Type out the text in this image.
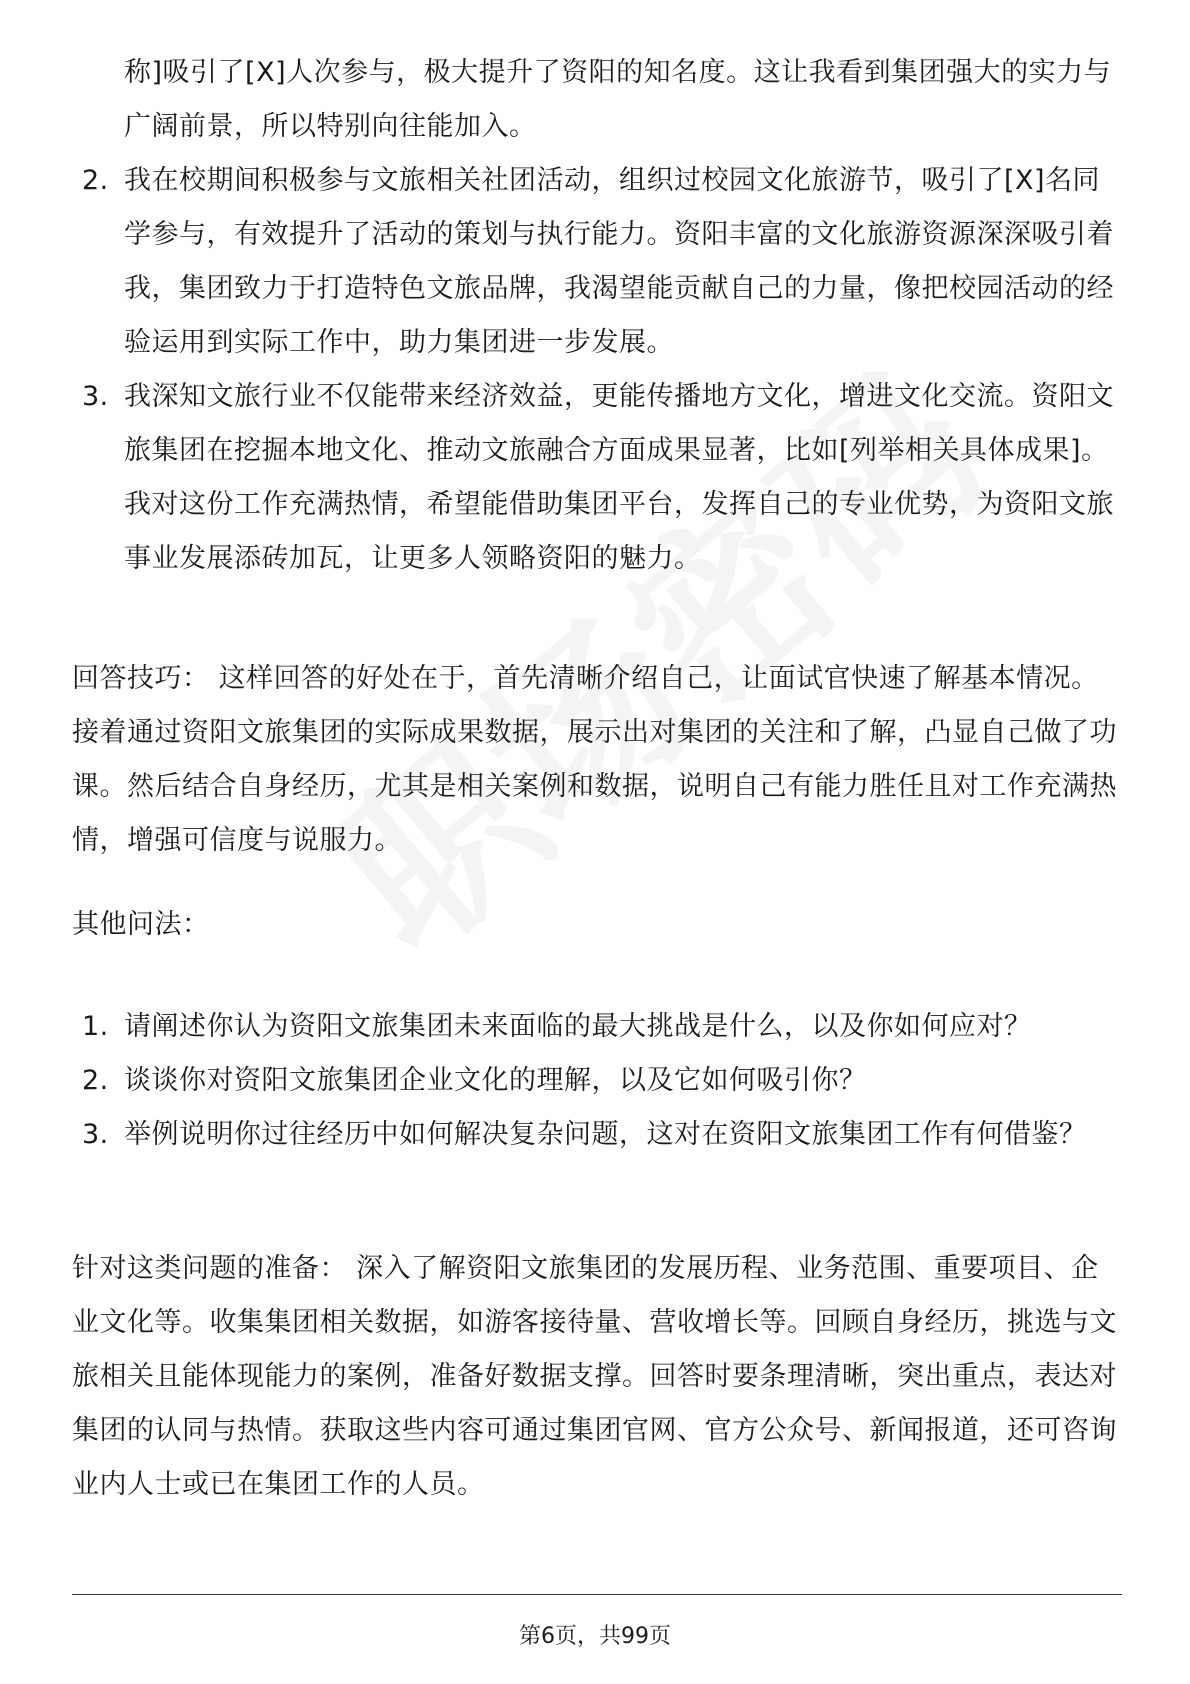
称]吸引了[X]人次参与，极大提升了资阳的知名度。这让我看到集团强大的实力与广阔前景，所以特别向往能加入。
2. 我在校期间积极参与文旅相关社团活动，组织过校园文化旅游节，吸引了[X]名同学参与，有效提升了活动的策划与执行能力。资阳丰富的文化旅游资源深深吸引着我，集团致力于打造特色文旅品牌，我渴望能贡献自己的力量，像把校园活动的经验运用到实际工作中，助力集团进一步发展。
3. 我深知文旅行业不仅能带来经济效益，更能传播地方文化，增进文化交流。资阳文旅集团在挖掘本地文化、推动文旅融合方面成果显著，比如[列举相关具体成果]。我对这份工作充满热情，希望能借助集团平台，发挥自己的专业优势，为资阳文旅事业发展添砖加瓦，让更多人领略资阳的魅力。
回答技巧： 这样回答的好处在于，首先清晰介绍自己，让面试官快速了解基本情况。接着通过资阳文旅集团的实际成果数据，展示出对集团的关注和了解，凸显自己做了功课。然后结合自身经历，尤其是相关案例和数据，说明自己有能力胜任且对工作充满热情，增强可信度与说服力。
其他问法：
1. 请阐述你认为资阳文旅集团未来面临的最大挑战是什么，以及你如何应对？
2. 谈谈你对资阳文旅集团企业文化的理解，以及它如何吸引你？
3. 举例说明你过往经历中如何解决复杂问题，这对在资阳文旅集团工作有何借鉴？
针对这类问题的准备： 深入了解资阳文旅集团的发展历程、业务范围、重要项目、企业文化等。收集集团相关数据，如游客接待量、营收增长等。回顾自身经历，挑选与文旅相关且能体现能力的案例，准备好数据支撑。回答时要条理清晰，突出重点，表达对集团的认同与热情。获取这些内容可通过集团官网、官方公众号、新闻报道，还可咨询业内人士或已在集团工作的人员。
第6页，共99页
